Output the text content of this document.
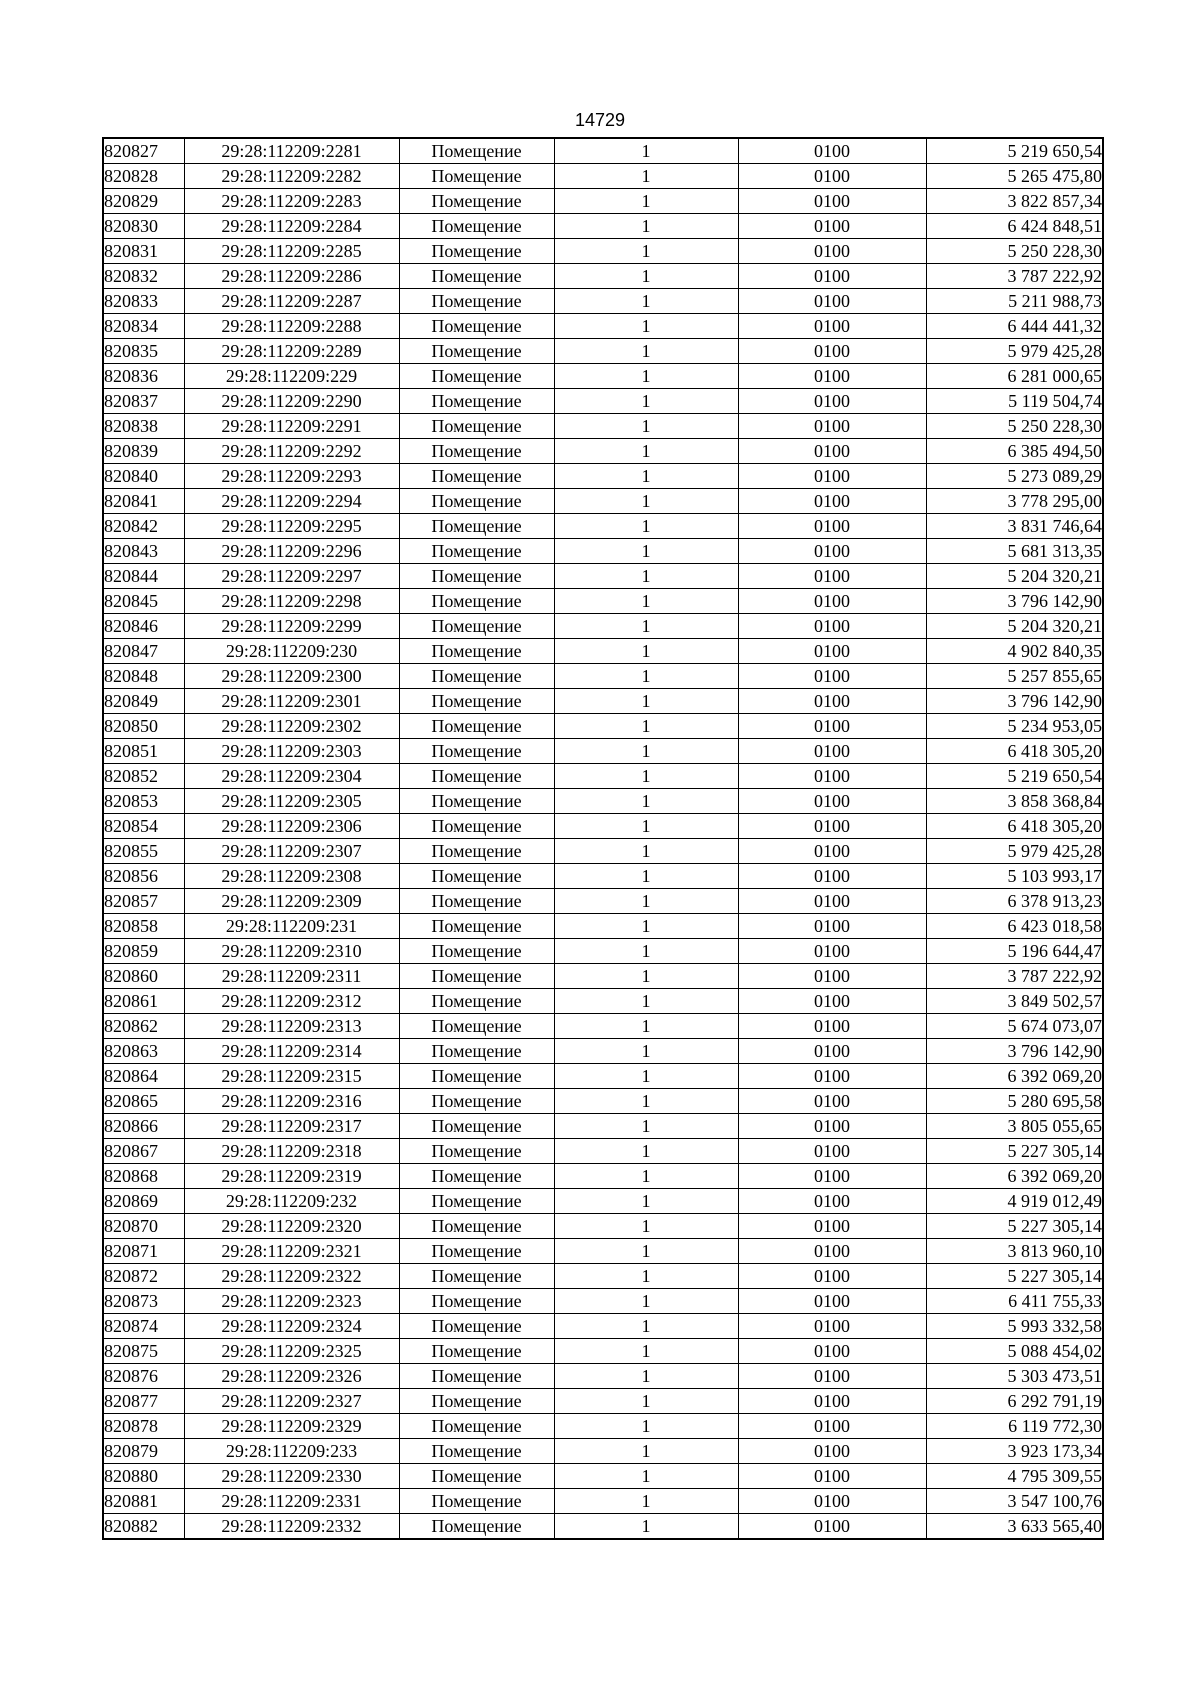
14729
820827	29:28:112209:2281	Помещение	1	0100	5 219 650,54
820828	29:28:112209:2282	Помещение	1	0100	5 265 475,80
820829	29:28:112209:2283	Помещение	1	0100	3 822 857,34
820830	29:28:112209:2284	Помещение	1	0100	6 424 848,51
820831	29:28:112209:2285	Помещение	1	0100	5 250 228,30
820832	29:28:112209:2286	Помещение	1	0100	3 787 222,92
820833	29:28:112209:2287	Помещение	1	0100	5 211 988,73
820834	29:28:112209:2288	Помещение	1	0100	6 444 441,32
820835	29:28:112209:2289	Помещение	1	0100	5 979 425,28
820836	29:28:112209:229	Помещение	1	0100	6 281 000,65
820837	29:28:112209:2290	Помещение	1	0100	5 119 504,74
820838	29:28:112209:2291	Помещение	1	0100	5 250 228,30
820839	29:28:112209:2292	Помещение	1	0100	6 385 494,50
820840	29:28:112209:2293	Помещение	1	0100	5 273 089,29
820841	29:28:112209:2294	Помещение	1	0100	3 778 295,00
820842	29:28:112209:2295	Помещение	1	0100	3 831 746,64
820843	29:28:112209:2296	Помещение	1	0100	5 681 313,35
820844	29:28:112209:2297	Помещение	1	0100	5 204 320,21
820845	29:28:112209:2298	Помещение	1	0100	3 796 142,90
820846	29:28:112209:2299	Помещение	1	0100	5 204 320,21
820847	29:28:112209:230	Помещение	1	0100	4 902 840,35
820848	29:28:112209:2300	Помещение	1	0100	5 257 855,65
820849	29:28:112209:2301	Помещение	1	0100	3 796 142,90
820850	29:28:112209:2302	Помещение	1	0100	5 234 953,05
820851	29:28:112209:2303	Помещение	1	0100	6 418 305,20
820852	29:28:112209:2304	Помещение	1	0100	5 219 650,54
820853	29:28:112209:2305	Помещение	1	0100	3 858 368,84
820854	29:28:112209:2306	Помещение	1	0100	6 418 305,20
820855	29:28:112209:2307	Помещение	1	0100	5 979 425,28
820856	29:28:112209:2308	Помещение	1	0100	5 103 993,17
820857	29:28:112209:2309	Помещение	1	0100	6 378 913,23
820858	29:28:112209:231	Помещение	1	0100	6 423 018,58
820859	29:28:112209:2310	Помещение	1	0100	5 196 644,47
820860	29:28:112209:2311	Помещение	1	0100	3 787 222,92
820861	29:28:112209:2312	Помещение	1	0100	3 849 502,57
820862	29:28:112209:2313	Помещение	1	0100	5 674 073,07
820863	29:28:112209:2314	Помещение	1	0100	3 796 142,90
820864	29:28:112209:2315	Помещение	1	0100	6 392 069,20
820865	29:28:112209:2316	Помещение	1	0100	5 280 695,58
820866	29:28:112209:2317	Помещение	1	0100	3 805 055,65
820867	29:28:112209:2318	Помещение	1	0100	5 227 305,14
820868	29:28:112209:2319	Помещение	1	0100	6 392 069,20
820869	29:28:112209:232	Помещение	1	0100	4 919 012,49
820870	29:28:112209:2320	Помещение	1	0100	5 227 305,14
820871	29:28:112209:2321	Помещение	1	0100	3 813 960,10
820872	29:28:112209:2322	Помещение	1	0100	5 227 305,14
820873	29:28:112209:2323	Помещение	1	0100	6 411 755,33
820874	29:28:112209:2324	Помещение	1	0100	5 993 332,58
820875	29:28:112209:2325	Помещение	1	0100	5 088 454,02
820876	29:28:112209:2326	Помещение	1	0100	5 303 473,51
820877	29:28:112209:2327	Помещение	1	0100	6 292 791,19
820878	29:28:112209:2329	Помещение	1	0100	6 119 772,30
820879	29:28:112209:233	Помещение	1	0100	3 923 173,34
820880	29:28:112209:2330	Помещение	1	0100	4 795 309,55
820881	29:28:112209:2331	Помещение	1	0100	3 547 100,76
820882	29:28:112209:2332	Помещение	1	0100	3 633 565,40
